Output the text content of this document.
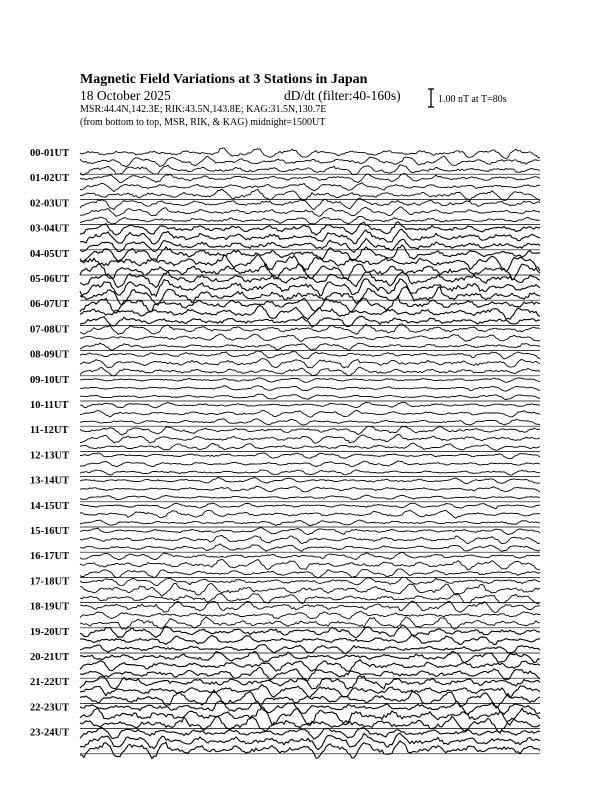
Magnetic Field Variations at 3 Stations in Japan
18 October 2025	dD/dt (filter:40-160s)
MSR:44.4N,142.3E; RIK:43.5N,143.8E; KAG:31.5N,130.7E
(from bottom to top, MSR, RIK, & KAG) midnight=1500UT
1.00 nT at T=80s
00-01UT
01-02UT
02-03UT
03-04UT
04-05UT
05-06UT
06-07UT
07-08UT
08-09UT
09-10UT
10-11UT
11-12UT
12-13UT
13-14UT
14-15UT
15-16UT
16-17UT
17-18UT
18-19UT
19-20UT
20-21UT
21-22UT
22-23UT
23-24UT
